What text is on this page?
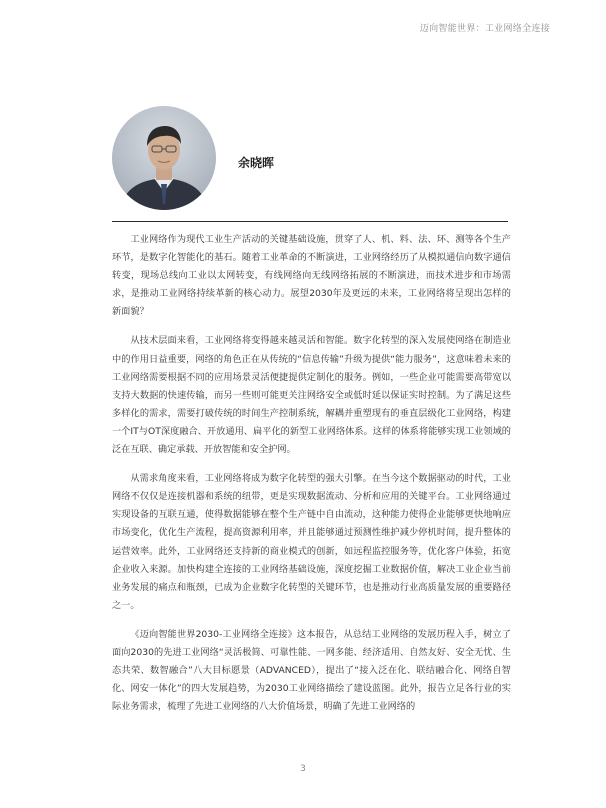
迈向智能世界：工业网络全连接
余晓晖

工业网络作为现代工业生产活动的关键基础设施，贯穿了人、机、料、法、环、测等各个生产环节，是数字化智能化的基石。随着工业革命的不断演进，工业网络经历了从模拟通信向数字通信转变，现场总线向工业以太网转变，有线网络向无线网络拓展的不断演进，而技术进步和市场需求，是推动工业网络持续革新的核心动力。展望2030年及更远的未来，工业网络将呈现出怎样的新面貌？

从技术层面来看，工业网络将变得越来越灵活和智能。数字化转型的深入发展使网络在制造业中的作用日益重要，网络的角色正在从传统的“信息传输”升级为提供“能力服务”，这意味着未来的工业网络需要根据不同的应用场景灵活便捷提供定制化的服务。例如，一些企业可能需要高带宽以支持大数据的快速传输，而另一些则可能更关注网络安全或低时延以保证实时控制。为了满足这些多样化的需求，需要打破传统的时间生产控制系统，解耦并重塑现有的垂直层级化工业网络，构建一个IT与OT深度融合、开放通用、扁平化的新型工业网络体系。这样的体系将能够实现工业领域的泛在互联、确定承载、开放智能和安全护网。

从需求角度来看，工业网络将成为数字化转型的强大引擎。在当今这个数据驱动的时代，工业网络不仅仅是连接机器和系统的纽带，更是实现数据流动、分析和应用的关键平台。工业网络通过实现设备的互联互通，使得数据能够在整个生产链中自由流动，这种能力使得企业能够更快地响应市场变化，优化生产流程，提高资源利用率，并且能够通过预测性维护减少停机时间，提升整体的运营效率。此外，工业网络还支持新的商业模式的创新，如远程监控服务等，优化客户体验，拓宽企业收入来源。加快构建全连接的工业网络基础设施，深度挖掘工业数据价值，解决工业企业当前业务发展的痛点和瓶颈，已成为企业数字化转型的关键环节，也是推动行业高质量发展的重要路径之一。

《迈向智能世界2030-工业网络全连接》这本报告，从总结工业网络的发展历程入手，树立了面向2030的先进工业网络“灵活极简、可靠性能、一网多能、经济适用、自然友好、安全无忧、生态共荣、数智融合”八大目标愿景（ADVANCED），提出了“接入泛在化、联结融合化、网络自智化、网安一体化”的四大发展趋势，为2030工业网络描绘了建设蓝图。此外，报告立足各行业的实际业务需求，梳理了先进工业网络的八大价值场景，明确了先进工业网络的

3
